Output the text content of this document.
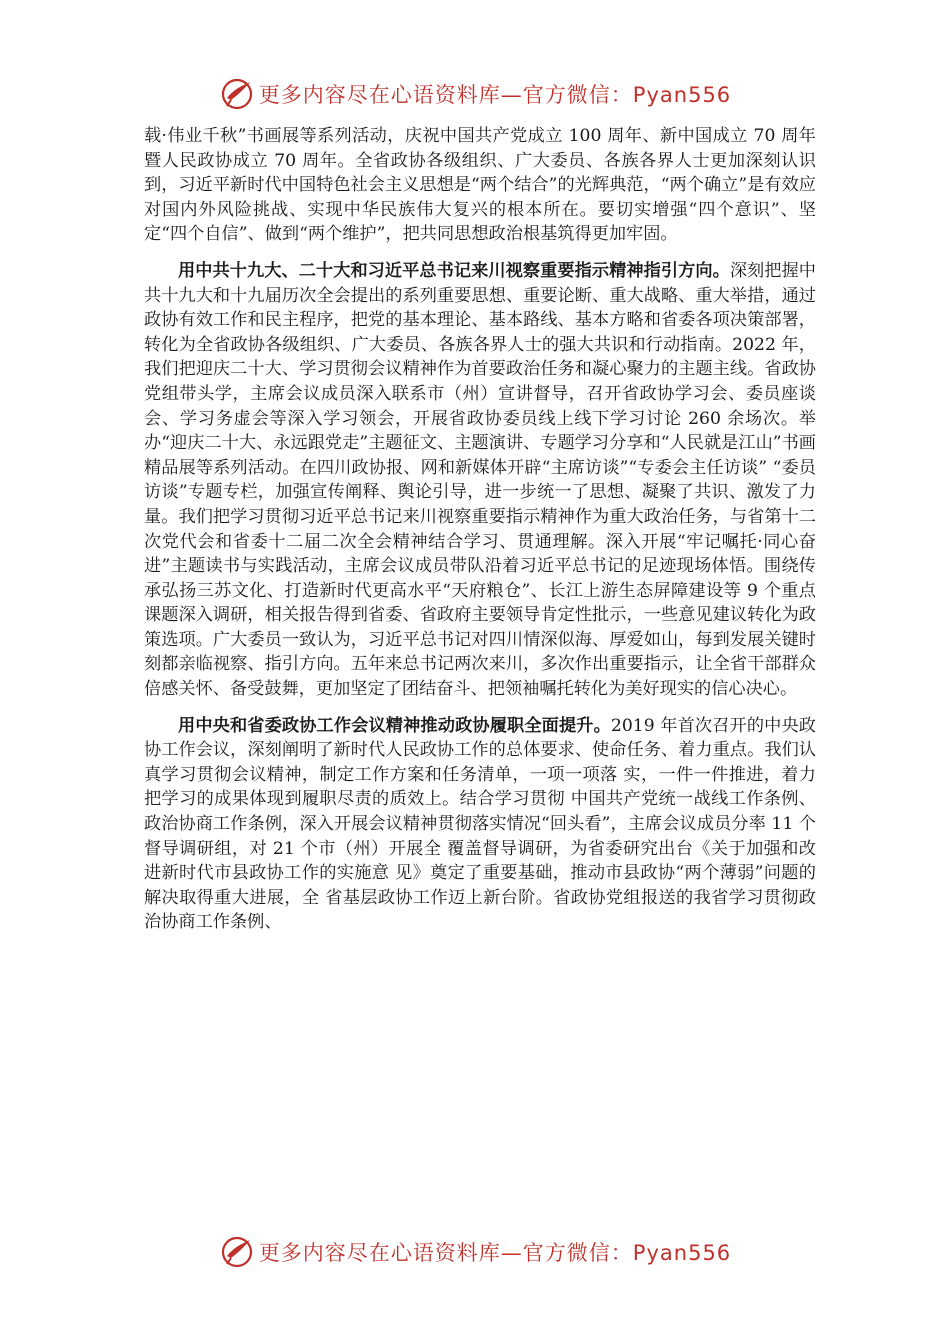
更多内容尽在心语资料库—官方微信：Pyan556

载·伟业千秋”书画展等系列活动，庆祝中国共产党成立 100 周年、新中国成立 70 周年暨人民政协成立 70 周年。全省政协各级组织、广大委员、各族各界人士更加深刻认识到，习近平新时代中国特色社会主义思想是“两个结合”的光辉典范，“两个确立”是有效应对国内外风险挑战、实现中华民族伟大复兴的根本所在。要切实增强“四个意识”、坚定“四个自信”、做到“两个维护”，把共同思想政治根基筑得更加牢固。

用中共十九大、二十大和习近平总书记来川视察重要指示精神指引方向。深刻把握中共十九大和十九届历次全会提出的系列重要思想、重要论断、重大战略、重大举措，通过政协有效工作和民主程序，把党的基本理论、基本路线、基本方略和省委各项决策部署，转化为全省政协各级组织、广大委员、各族各界人士的强大共识和行动指南。2022 年，我们把迎庆二十大、学习贯彻会议精神作为首要政治任务和凝心聚力的主题主线。省政协党组带头学，主席会议成员深入联系市（州）宣讲督导，召开省政协学习会、委员座谈会、学习务虚会等深入学习领会，开展省政协委员线上线下学习讨论 260 余场次。举办“迎庆二十大、永远跟党走”主题征文、主题演讲、专题学习分享和“人民就是江山”书画精品展等系列活动。在四川政协报、网和新媒体开辟“主席访谈”“专委会主任访谈” “委员访谈”专题专栏，加强宣传阐释、舆论引导，进一步统一了思想、凝聚了共识、激发了力量。我们把学习贯彻习近平总书记来川视察重要指示精神作为重大政治任务，与省第十二次党代会和省委十二届二次全会精神结合学习、贯通理解。深入开展“牢记嘱托·同心奋进”主题读书与实践活动，主席会议成员带队沿着习近平总书记的足迹现场体悟。围绕传承弘扬三苏文化、打造新时代更高水平“天府粮仓”、长江上游生态屏障建设等 9 个重点课题深入调研，相关报告得到省委、省政府主要领导肯定性批示，一些意见建议转化为政策选项。广大委员一致认为，习近平总书记对四川情深似海、厚爱如山，每到发展关键时刻都亲临视察、指引方向。五年来总书记两次来川，多次作出重要指示，让全省干部群众倍感关怀、备受鼓舞，更加坚定了团结奋斗、把领袖嘱托转化为美好现实的信心决心。

用中央和省委政协工作会议精神推动政协履职全面提升。2019 年首次召开的中央政协工作会议，深刻阐明了新时代人民政协工作的总体要求、使命任务、着力重点。我们认真学习贯彻会议精神，制定工作方案和任务清单，一项一项落 实，一件一件推进，着力把学习的成果体现到履职尽责的质效上。结合学习贯彻 中国共产党统一战线工作条例、政治协商工作条例，深入开展会议精神贯彻落实情况“回头看”，主席会议成员分率 11 个督导调研组，对 21 个市（州）开展全 覆盖督导调研，为省委研究出台《关于加强和改进新时代市县政协工作的实施意 见》奠定了重要基础，推动市县政协“两个薄弱”问题的解决取得重大进展，全 省基层政协工作迈上新台阶。省政协党组报送的我省学习贯彻政治协商工作条例、

更多内容尽在心语资料库—官方微信：Pyan556
